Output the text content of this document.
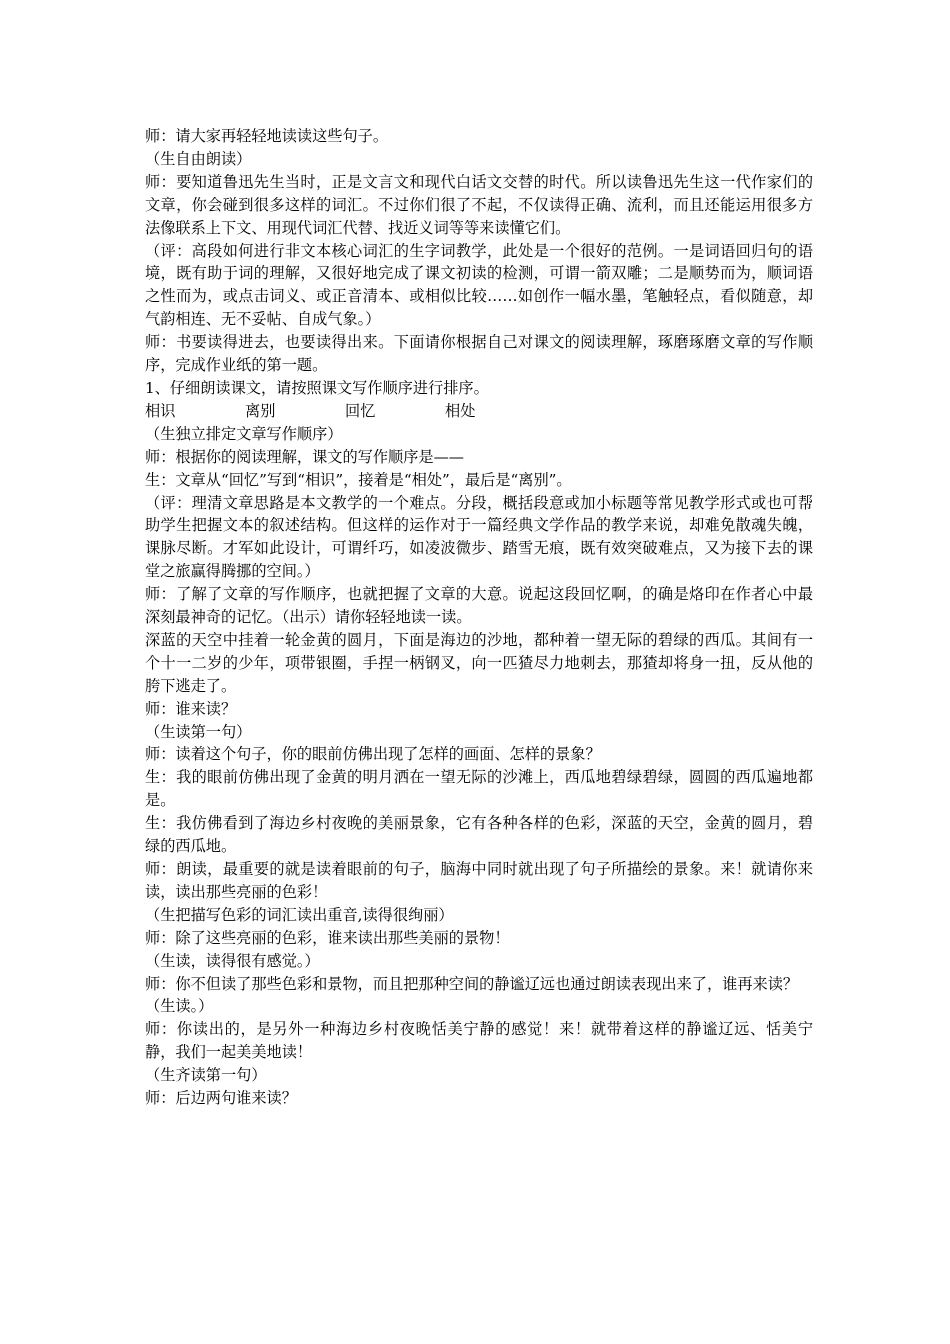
师：请大家再轻轻地读读这些句子。

（生自由朗读）

师：要知道鲁迅先生当时，正是文言文和现代白话文交替的时代。所以读鲁迅先生这一代作家们的文章，你会碰到很多这样的词汇。不过你们很了不起，不仅读得正确、流利，而且还能运用很多方法像联系上下文、用现代词汇代替、找近义词等等来读懂它们。

（评：高段如何进行非文本核心词汇的生字词教学，此处是一个很好的范例。一是词语回归句的语境，既有助于词的理解，又很好地完成了课文初读的检测，可谓一箭双雕；二是顺势而为，顺词语之性而为，或点击词义、或正音清本、或相似比较……如创作一幅水墨，笔触轻点，看似随意，却气韵相连、无不妥帖、自成气象。）

师：书要读得进去，也要读得出来。下面请你根据自己对课文的阅读理解，琢磨琢磨文章的写作顺序，完成作业纸的第一题。

1、仔细朗读课文，请按照课文写作顺序进行排序。

相识	离别	回忆	相处

（生独立排定文章写作顺序）

师：根据你的阅读理解，课文的写作顺序是——

生：文章从“回忆”写到“相识”，接着是“相处”，最后是“离别”。

（评：理清文章思路是本文教学的一个难点。分段，概括段意或加小标题等常见教学形式或也可帮助学生把握文本的叙述结构。但这样的运作对于一篇经典文学作品的教学来说，却难免散魂失魄，课脉尽断。才军如此设计，可谓纤巧，如凌波微步、踏雪无痕，既有效突破难点，又为接下去的课堂之旅赢得腾挪的空间。）

师：了解了文章的写作顺序，也就把握了文章的大意。说起这段回忆啊，的确是烙印在作者心中最深刻最神奇的记忆。（出示）请你轻轻地读一读。

深蓝的天空中挂着一轮金黄的圆月，下面是海边的沙地，都种着一望无际的碧绿的西瓜。其间有一个十一二岁的少年，项带银圈，手捏一柄钢叉，向一匹猹尽力地刺去，那猹却将身一扭，反从他的胯下逃走了。

师：谁来读？

（生读第一句）

师：读着这个句子，你的眼前仿佛出现了怎样的画面、怎样的景象？

生：我的眼前仿佛出现了金黄的明月洒在一望无际的沙滩上，西瓜地碧绿碧绿，圆圆的西瓜遍地都是。

生：我仿佛看到了海边乡村夜晚的美丽景象，它有各种各样的色彩，深蓝的天空，金黄的圆月，碧绿的西瓜地。

师：朗读，最重要的就是读着眼前的句子，脑海中同时就出现了句子所描绘的景象。来！就请你来读，读出那些亮丽的色彩！

（生把描写色彩的词汇读出重音,读得很绚丽）

师：除了这些亮丽的色彩，谁来读出那些美丽的景物！

（生读，读得很有感觉。）

师：你不但读了那些色彩和景物，而且把那种空间的静谧辽远也通过朗读表现出来了，谁再来读？

（生读。）

师：你读出的，是另外一种海边乡村夜晚恬美宁静的感觉！来！就带着这样的静谧辽远、恬美宁静，我们一起美美地读！

（生齐读第一句）

师：后边两句谁来读？
